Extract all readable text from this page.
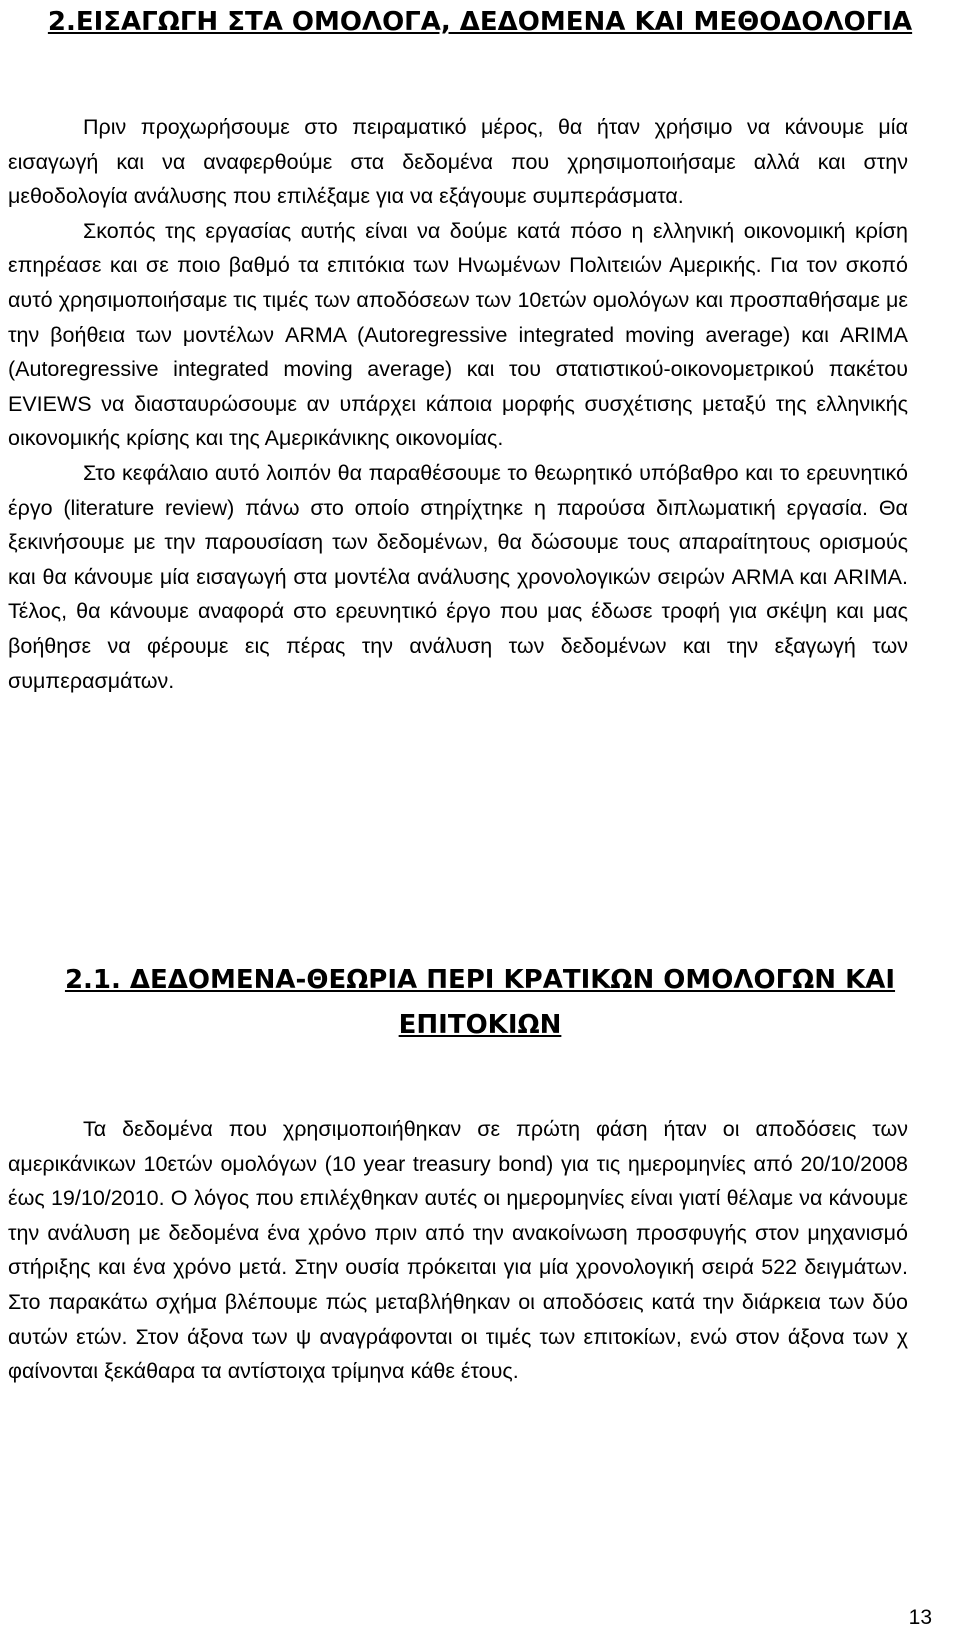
2.ΕΙΣΑΓΩΓΗ ΣΤΑ ΟΜΟΛΟΓΑ, ΔΕΔΟΜΕΝΑ ΚΑΙ ΜΕΘΟΔΟΛΟΓΙΑ

Πριν προχωρήσουμε στο πειραματικό μέρος, θα ήταν χρήσιμο να κάνουμε μία εισαγωγή και να αναφερθούμε στα δεδομένα που χρησιμοποιήσαμε αλλά και στην μεθοδολογία ανάλυσης που επιλέξαμε για να εξάγουμε συμπεράσματα.

Σκοπός της εργασίας αυτής είναι να δούμε κατά πόσο η ελληνική οικονομική κρίση επηρέασε και σε ποιο βαθμό τα επιτόκια των Ηνωμένων Πολιτειών Αμερικής. Για τον σκοπό αυτό χρησιμοποιήσαμε τις τιμές των αποδόσεων των 10ετών ομολόγων και προσπαθήσαμε με την βοήθεια των μοντέλων ARMA (Autoregressive integrated moving average) και ARIMA (Autoregressive integrated moving average) και του στατιστικού-οικονομετρικού πακέτου EVIEWS να διασταυρώσουμε αν υπάρχει κάποια μορφής συσχέτισης μεταξύ της ελληνικής οικονομικής κρίσης και της Αμερικάνικης οικονομίας.

Στο κεφάλαιο αυτό λοιπόν θα παραθέσουμε το θεωρητικό υπόβαθρο και το ερευνητικό έργο (literature review) πάνω στο οποίο στηρίχτηκε η παρούσα διπλωματική εργασία. Θα ξεκινήσουμε με την παρουσίαση των δεδομένων, θα δώσουμε τους απαραίτητους ορισμούς και θα κάνουμε μία εισαγωγή στα μοντέλα ανάλυσης χρονολογικών σειρών ARMA και ARIMA. Τέλος, θα κάνουμε αναφορά στο ερευνητικό έργο που μας έδωσε τροφή για σκέψη και μας βοήθησε να φέρουμε εις πέρας την ανάλυση των δεδομένων και την εξαγωγή των συμπερασμάτων.

2.1. ΔΕΔΟΜΕΝΑ-ΘΕΩΡΙΑ ΠΕΡΙ ΚΡΑΤΙΚΩΝ ΟΜΟΛΟΓΩΝ ΚΑΙ ΕΠΙΤΟΚΙΩΝ

Τα δεδομένα που χρησιμοποιήθηκαν σε πρώτη φάση ήταν οι αποδόσεις των αμερικάνικων 10ετών ομολόγων (10 year treasury bond) για τις ημερομηνίες από 20/10/2008 έως 19/10/2010. Ο λόγος που επιλέχθηκαν αυτές οι ημερομηνίες είναι γιατί θέλαμε να κάνουμε την ανάλυση με δεδομένα ένα χρόνο πριν από την ανακοίνωση προσφυγής στον μηχανισμό στήριξης και ένα χρόνο μετά. Στην ουσία πρόκειται για μία χρονολογική σειρά 522 δειγμάτων. Στο παρακάτω σχήμα βλέπουμε πώς μεταβλήθηκαν οι αποδόσεις κατά την διάρκεια των δύο αυτών ετών. Στον άξονα των ψ αναγράφονται οι τιμές των επιτοκίων, ενώ στον άξονα των χ φαίνονται ξεκάθαρα τα αντίστοιχα τρίμηνα κάθε έτους.

13
